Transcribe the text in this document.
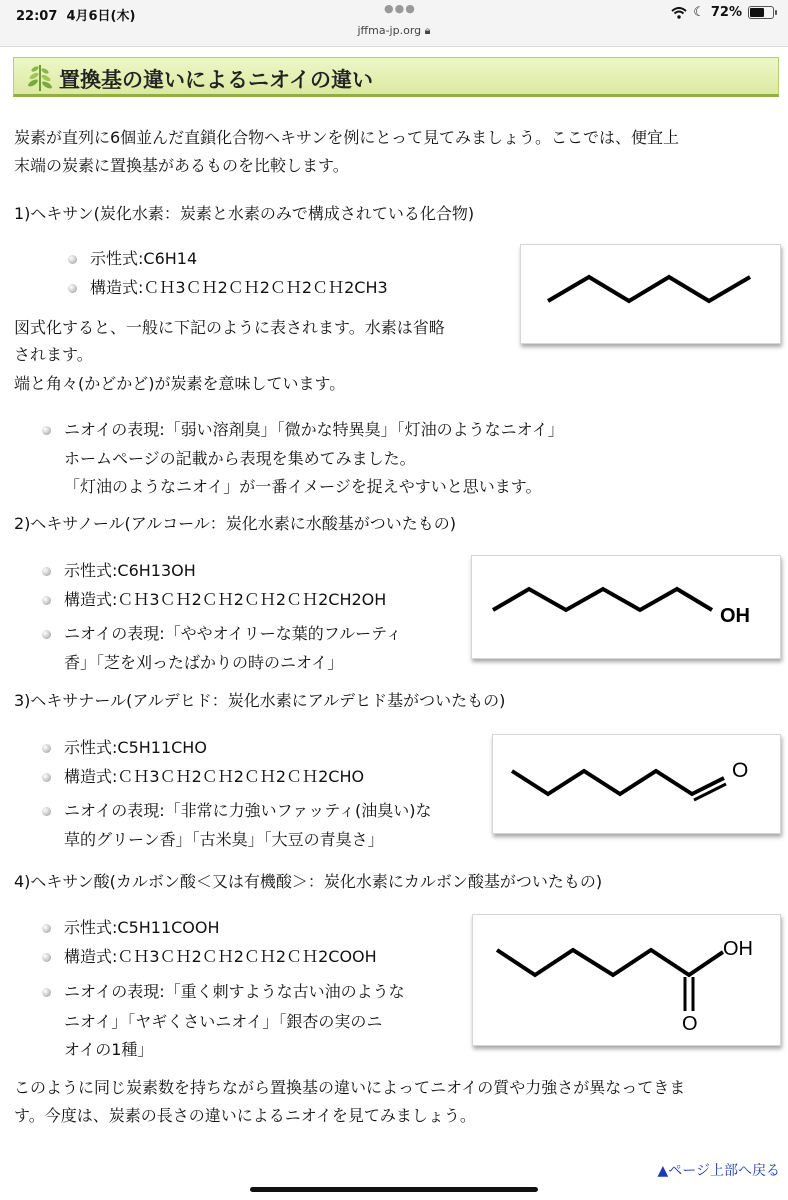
22:07 4月6日(木)
●●●
jffma-jp.org 🔒︎
☾ 72%
置換基の違いによるニオイの違い
炭素が直列に6個並んだ直鎖化合物ヘキサンを例にとって見てみましょう。ここでは、便宜上
末端の炭素に置換基があるものを比較します。
1)ヘキサン(炭化水素：炭素と水素のみで構成されている化合物)
示性式:C6H14
構造式:ＣＨ3ＣＨ2ＣＨ2ＣＨ2ＣＨ2CH3
図式化すると、一般に下記のように表されます。水素は省略
されます。
端と角々(かどかど)が炭素を意味しています。
ニオイの表現:「弱い溶剤臭」「微かな特異臭」「灯油のようなニオイ」
ホームページの記載から表現を集めてみました。
「灯油のようなニオイ」が一番イメージを捉えやすいと思います。
2)ヘキサノール(アルコール：炭化水素に水酸基がついたもの)
示性式:C6H13OH
構造式:ＣＨ3ＣＨ2ＣＨ2ＣＨ2ＣＨ2CH2OH
ニオイの表現:「ややオイリーな葉的フルーティ
香」「芝を刈ったばかりの時のニオイ」
OH
3)ヘキサナール(アルデヒド：炭化水素にアルデヒド基がついたもの)
示性式:C5H11CHO
構造式:ＣＨ3ＣＨ2ＣＨ2ＣＨ2ＣＨ2CHO
ニオイの表現:「非常に力強いファッティ(油臭い)な
草的グリーン香」「古米臭」「大豆の青臭さ」
O
4)ヘキサン酸(カルボン酸＜又は有機酸＞：炭化水素にカルボン酸基がついたもの)
示性式:C5H11COOH
構造式:ＣＨ3ＣＨ2ＣＨ2ＣＨ2ＣＨ2COOH
ニオイの表現:「重く刺すような古い油のような
ニオイ」「ヤギくさいニオイ」「銀杏の実のニ
オイの1種」
OH
O
このように同じ炭素数を持ちながら置換基の違いによってニオイの質や力強さが異なってきま
す。今度は、炭素の長さの違いによるニオイを見てみましょう。
▲ページ上部へ戻る
